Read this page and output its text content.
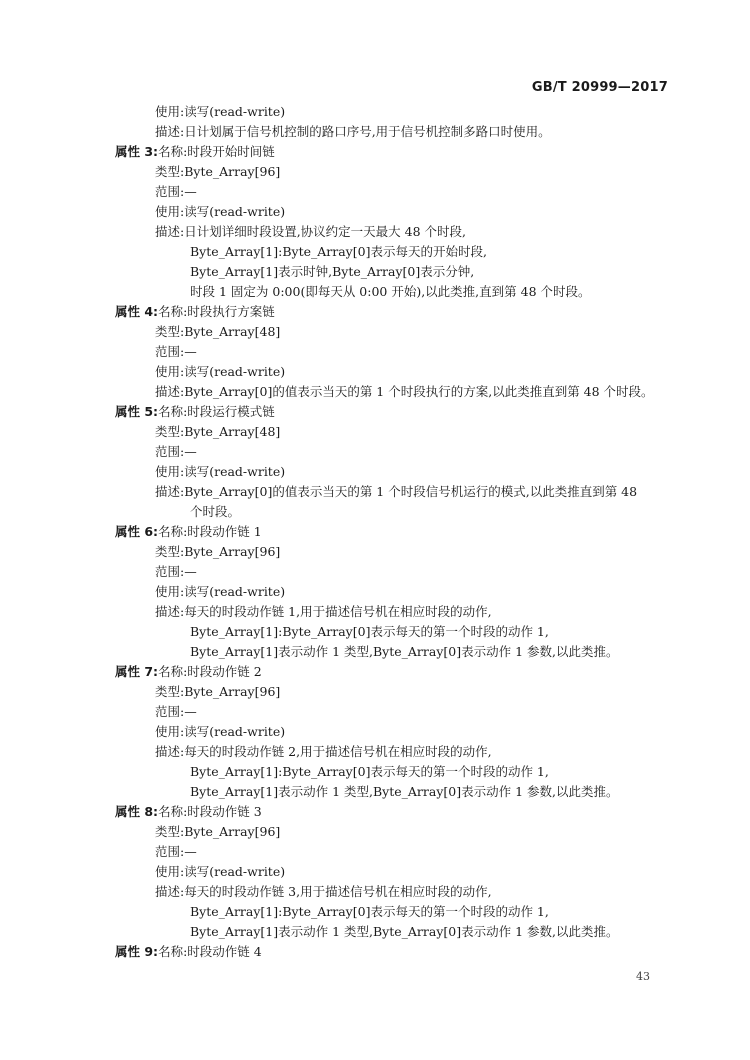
GB/T 20999—2017
使用:读写(read-write)
描述:日计划属于信号机控制的路口序号,用于信号机控制多路口时使用。
属性 3:名称:时段开始时间链
类型:Byte_Array[96]
范围:—
使用:读写(read-write)
描述:日计划详细时段设置,协议约定一天最大 48 个时段,
Byte_Array[1]:Byte_Array[0]表示每天的开始时段,
Byte_Array[1]表示时钟,Byte_Array[0]表示分钟,
时段 1 固定为 0:00(即每天从 0:00 开始),以此类推,直到第 48 个时段。
属性 4:名称:时段执行方案链
类型:Byte_Array[48]
范围:—
使用:读写(read-write)
描述:Byte_Array[0]的值表示当天的第 1 个时段执行的方案,以此类推直到第 48 个时段。
属性 5:名称:时段运行模式链
类型:Byte_Array[48]
范围:—
使用:读写(read-write)
描述:Byte_Array[0]的值表示当天的第 1 个时段信号机运行的模式,以此类推直到第 48
个时段。
属性 6:名称:时段动作链 1
类型:Byte_Array[96]
范围:—
使用:读写(read-write)
描述:每天的时段动作链 1,用于描述信号机在相应时段的动作,
Byte_Array[1]:Byte_Array[0]表示每天的第一个时段的动作 1,
Byte_Array[1]表示动作 1 类型,Byte_Array[0]表示动作 1 参数,以此类推。
属性 7:名称:时段动作链 2
类型:Byte_Array[96]
范围:—
使用:读写(read-write)
描述:每天的时段动作链 2,用于描述信号机在相应时段的动作,
Byte_Array[1]:Byte_Array[0]表示每天的第一个时段的动作 1,
Byte_Array[1]表示动作 1 类型,Byte_Array[0]表示动作 1 参数,以此类推。
属性 8:名称:时段动作链 3
类型:Byte_Array[96]
范围:—
使用:读写(read-write)
描述:每天的时段动作链 3,用于描述信号机在相应时段的动作,
Byte_Array[1]:Byte_Array[0]表示每天的第一个时段的动作 1,
Byte_Array[1]表示动作 1 类型,Byte_Array[0]表示动作 1 参数,以此类推。
属性 9:名称:时段动作链 4
43
